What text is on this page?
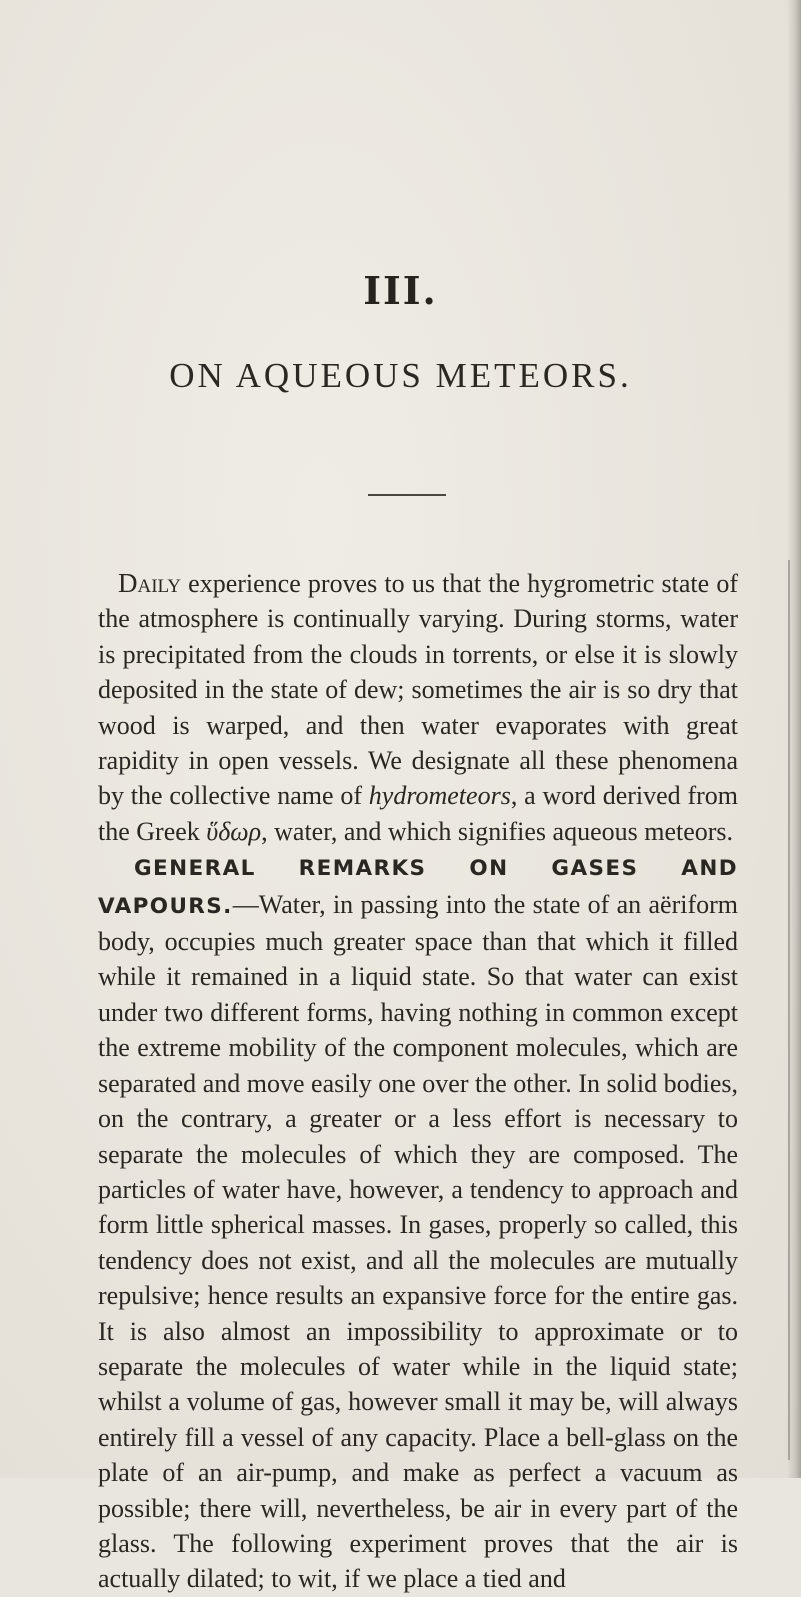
III.
ON AQUEOUS METEORS.

Daily experience proves to us that the hygrometric state of the atmosphere is continually varying. During storms, water is precipitated from the clouds in torrents, or else it is slowly deposited in the state of dew; sometimes the air is so dry that wood is warped, and then water evaporates with great rapidity in open vessels. We designate all these phenomena by the collective name of hydrometeors, a word derived from the Greek ὕδωρ, water, and which signifies aqueous meteors.

GENERAL REMARKS ON GASES AND VAPOURS.—Water, in passing into the state of an aëriform body, occupies much greater space than that which it filled while it remained in a liquid state. So that water can exist under two different forms, having nothing in common except the extreme mobility of the component molecules, which are separated and move easily one over the other. In solid bodies, on the contrary, a greater or a less effort is necessary to separate the molecules of which they are composed. The particles of water have, however, a tendency to approach and form little spherical masses. In gases, properly so called, this tendency does not exist, and all the molecules are mutually repulsive; hence results an expansive force for the entire gas. It is also almost an impossibility to approximate or to separate the molecules of water while in the liquid state; whilst a volume of gas, however small it may be, will always entirely fill a vessel of any capacity. Place a bell-glass on the plate of an air-pump, and make as perfect a vacuum as possible; there will, nevertheless, be air in every part of the glass. The following experiment proves that the air is actually dilated; to wit, if we place a tied and
